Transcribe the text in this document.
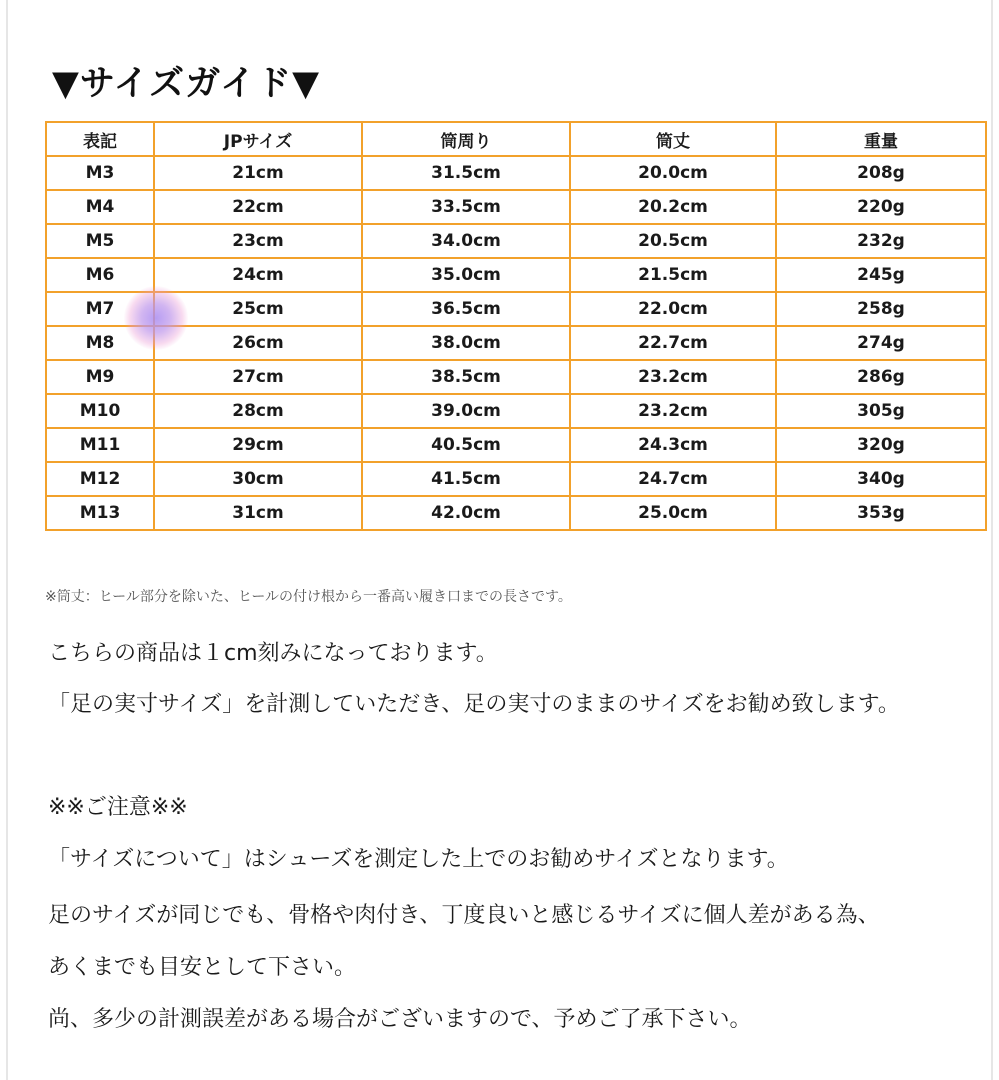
▼サイズガイド▼
表記	JPサイズ	筒周り	筒丈	重量
M3	21cm	31.5cm	20.0cm	208g
M4	22cm	33.5cm	20.2cm	220g
M5	23cm	34.0cm	20.5cm	232g
M6	24cm	35.0cm	21.5cm	245g
M7	25cm	36.5cm	22.0cm	258g
M8	26cm	38.0cm	22.7cm	274g
M9	27cm	38.5cm	23.2cm	286g
M10	28cm	39.0cm	23.2cm	305g
M11	29cm	40.5cm	24.3cm	320g
M12	30cm	41.5cm	24.7cm	340g
M13	31cm	42.0cm	25.0cm	353g
※筒丈：ヒール部分を除いた、ヒールの付け根から一番高い履き口までの長さです。
こちらの商品は１cm刻みになっております。
「足の実寸サイズ」を計測していただき、足の実寸のままのサイズをお勧め致します。
※※ご注意※※
「サイズについて」はシューズを測定した上でのお勧めサイズとなります。
足のサイズが同じでも、骨格や肉付き、丁度良いと感じるサイズに個人差がある為、
あくまでも目安として下さい。
尚、多少の計測誤差がある場合がございますので、予めご了承下さい。
